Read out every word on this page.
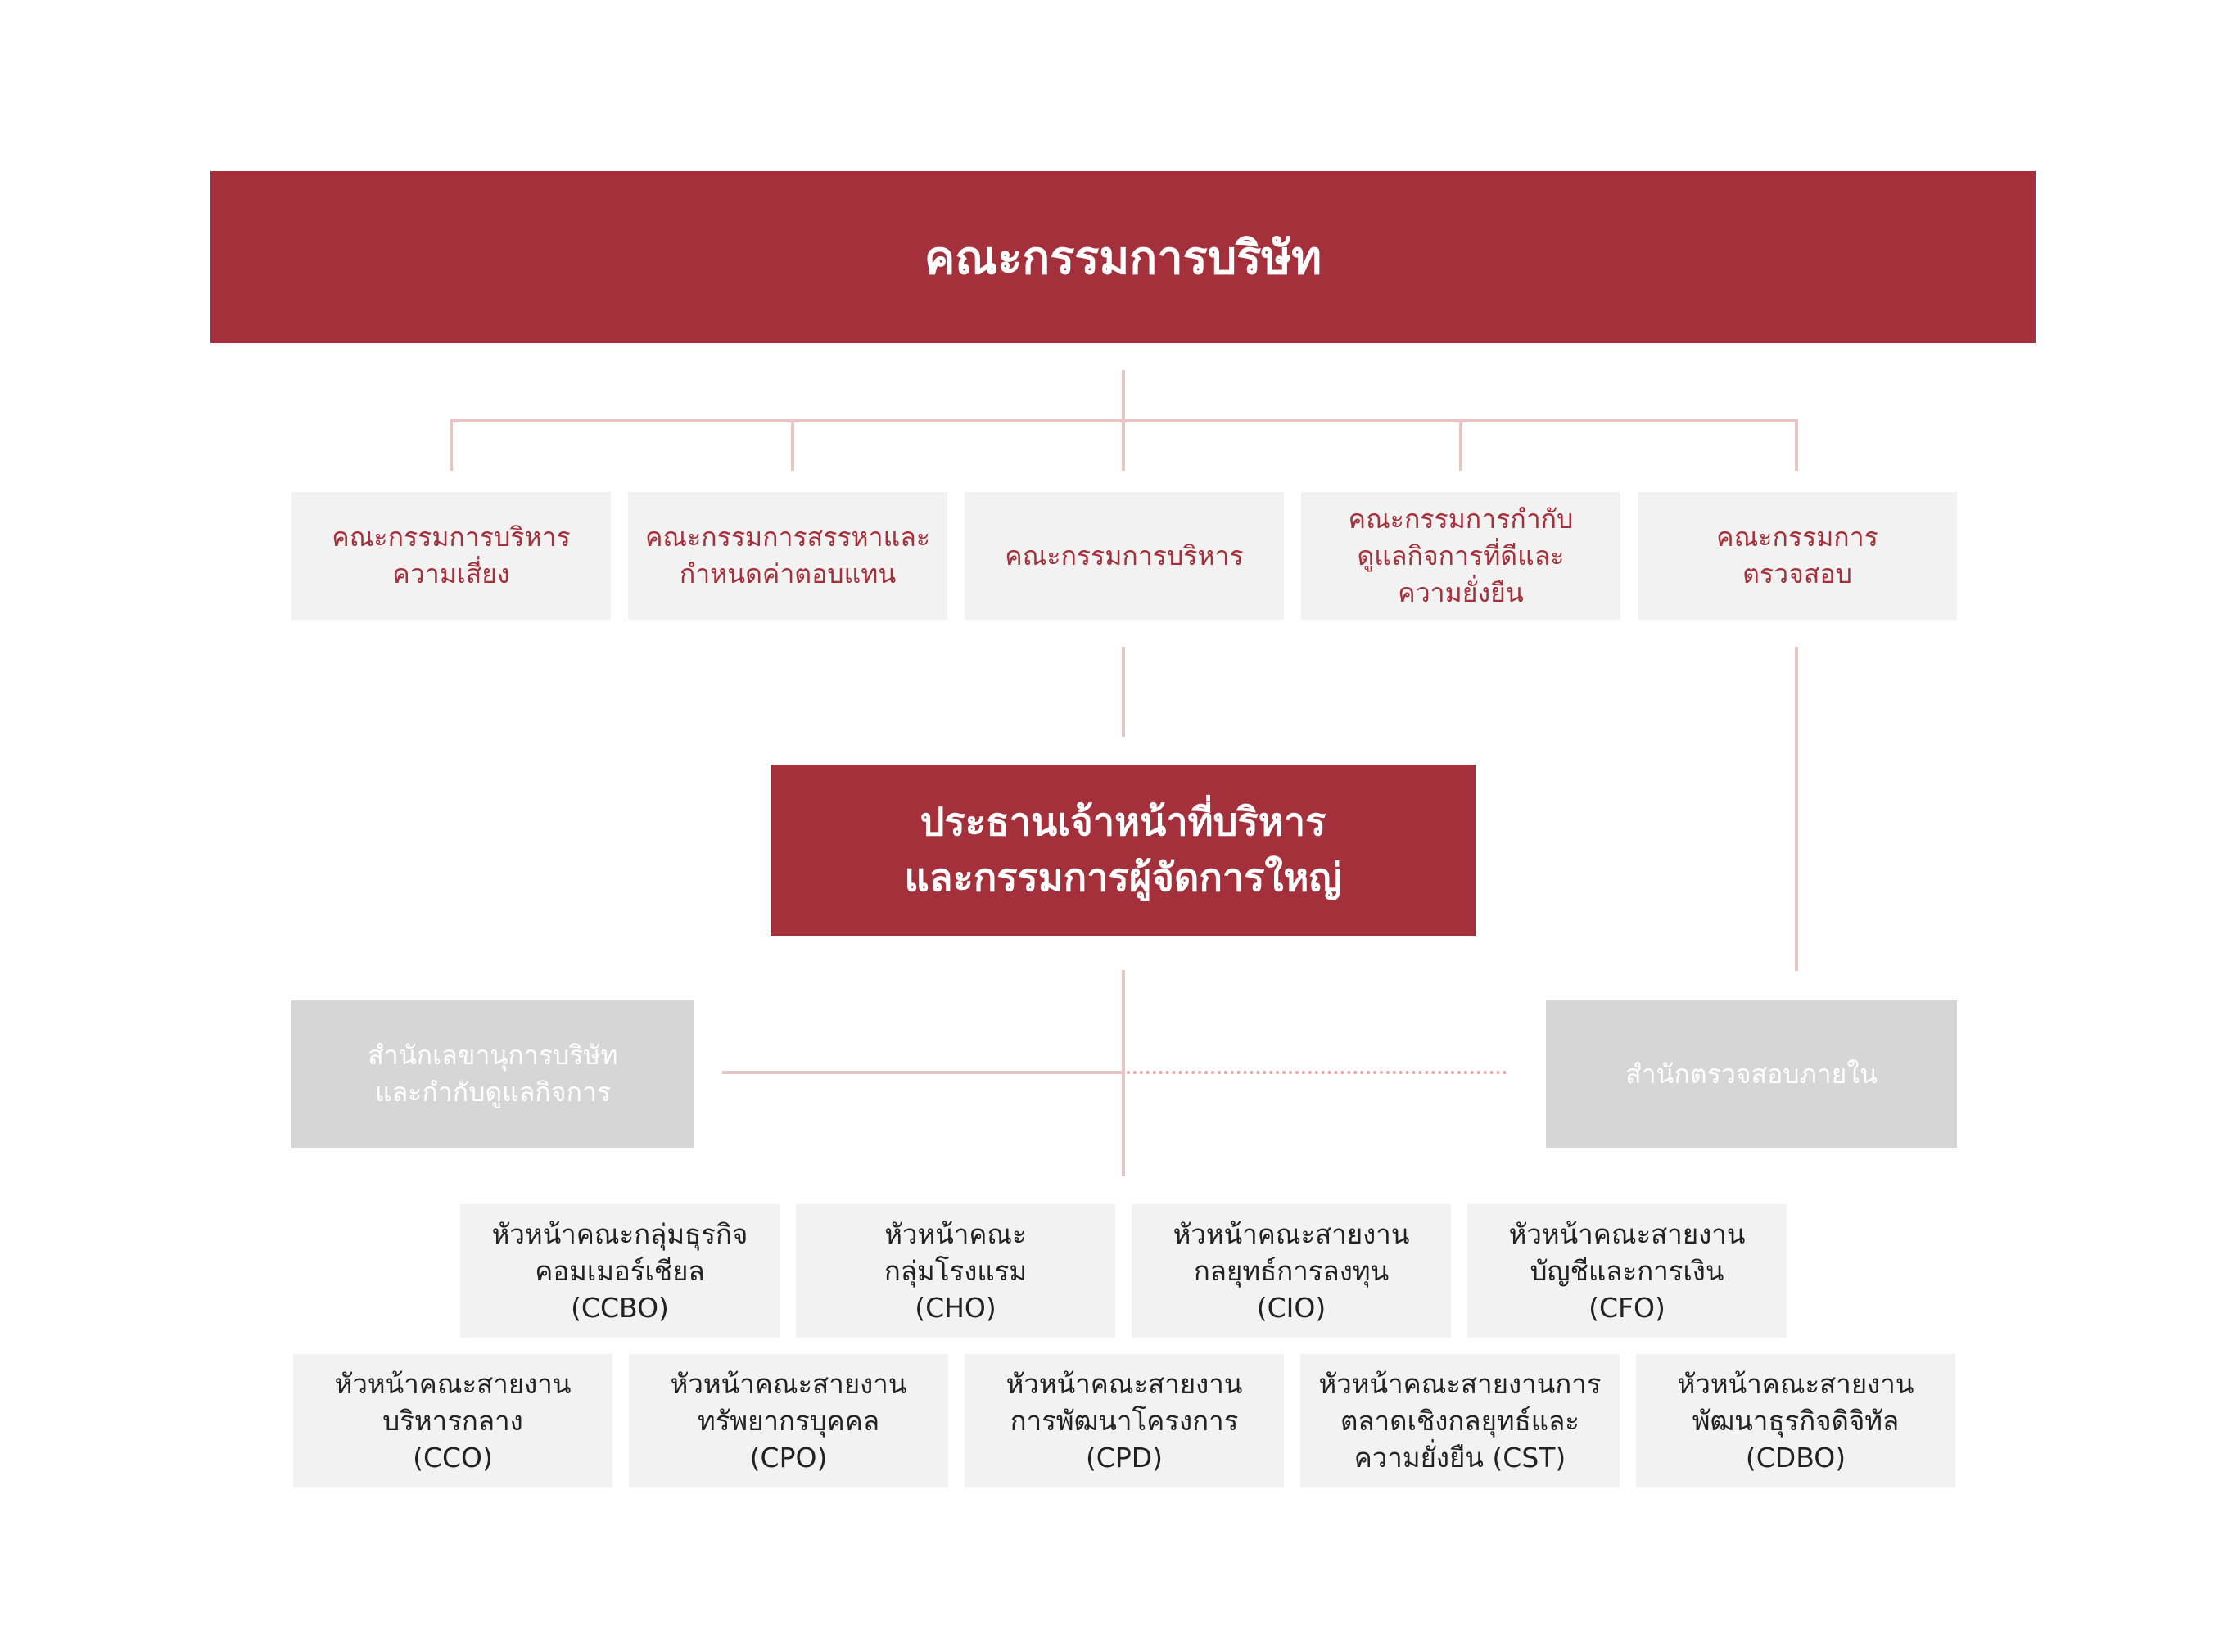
คณะกรรมการบริษัท
คณะกรรมการบริหาร
ความเสี่ยง
คณะกรรมการสรรหาและ
กำหนดค่าตอบแทน
คณะกรรมการบริหาร
คณะกรรมการกำกับ
ดูแลกิจการที่ดีและ
ความยั่งยืน
คณะกรรมการ
ตรวจสอบ
ประธานเจ้าหน้าที่บริหาร
และกรรมการผู้จัดการใหญ่
สำนักเลขานุการบริษัท
และกำกับดูแลกิจการ
สำนักตรวจสอบภายใน
หัวหน้าคณะกลุ่มธุรกิจ
คอมเมอร์เชียล
(CCBO)
หัวหน้าคณะ
กลุ่มโรงแรม
(CHO)
หัวหน้าคณะสายงาน
กลยุทธ์การลงทุน
(CIO)
หัวหน้าคณะสายงาน
บัญชีและการเงิน
(CFO)
หัวหน้าคณะสายงาน
บริหารกลาง
(CCO)
หัวหน้าคณะสายงาน
ทรัพยากรบุคคล
(CPO)
หัวหน้าคณะสายงาน
การพัฒนาโครงการ
(CPD)
หัวหน้าคณะสายงานการ
ตลาดเชิงกลยุทธ์และ
ความยั่งยืน (CST)
หัวหน้าคณะสายงาน
พัฒนาธุรกิจดิจิทัล
(CDBO)
